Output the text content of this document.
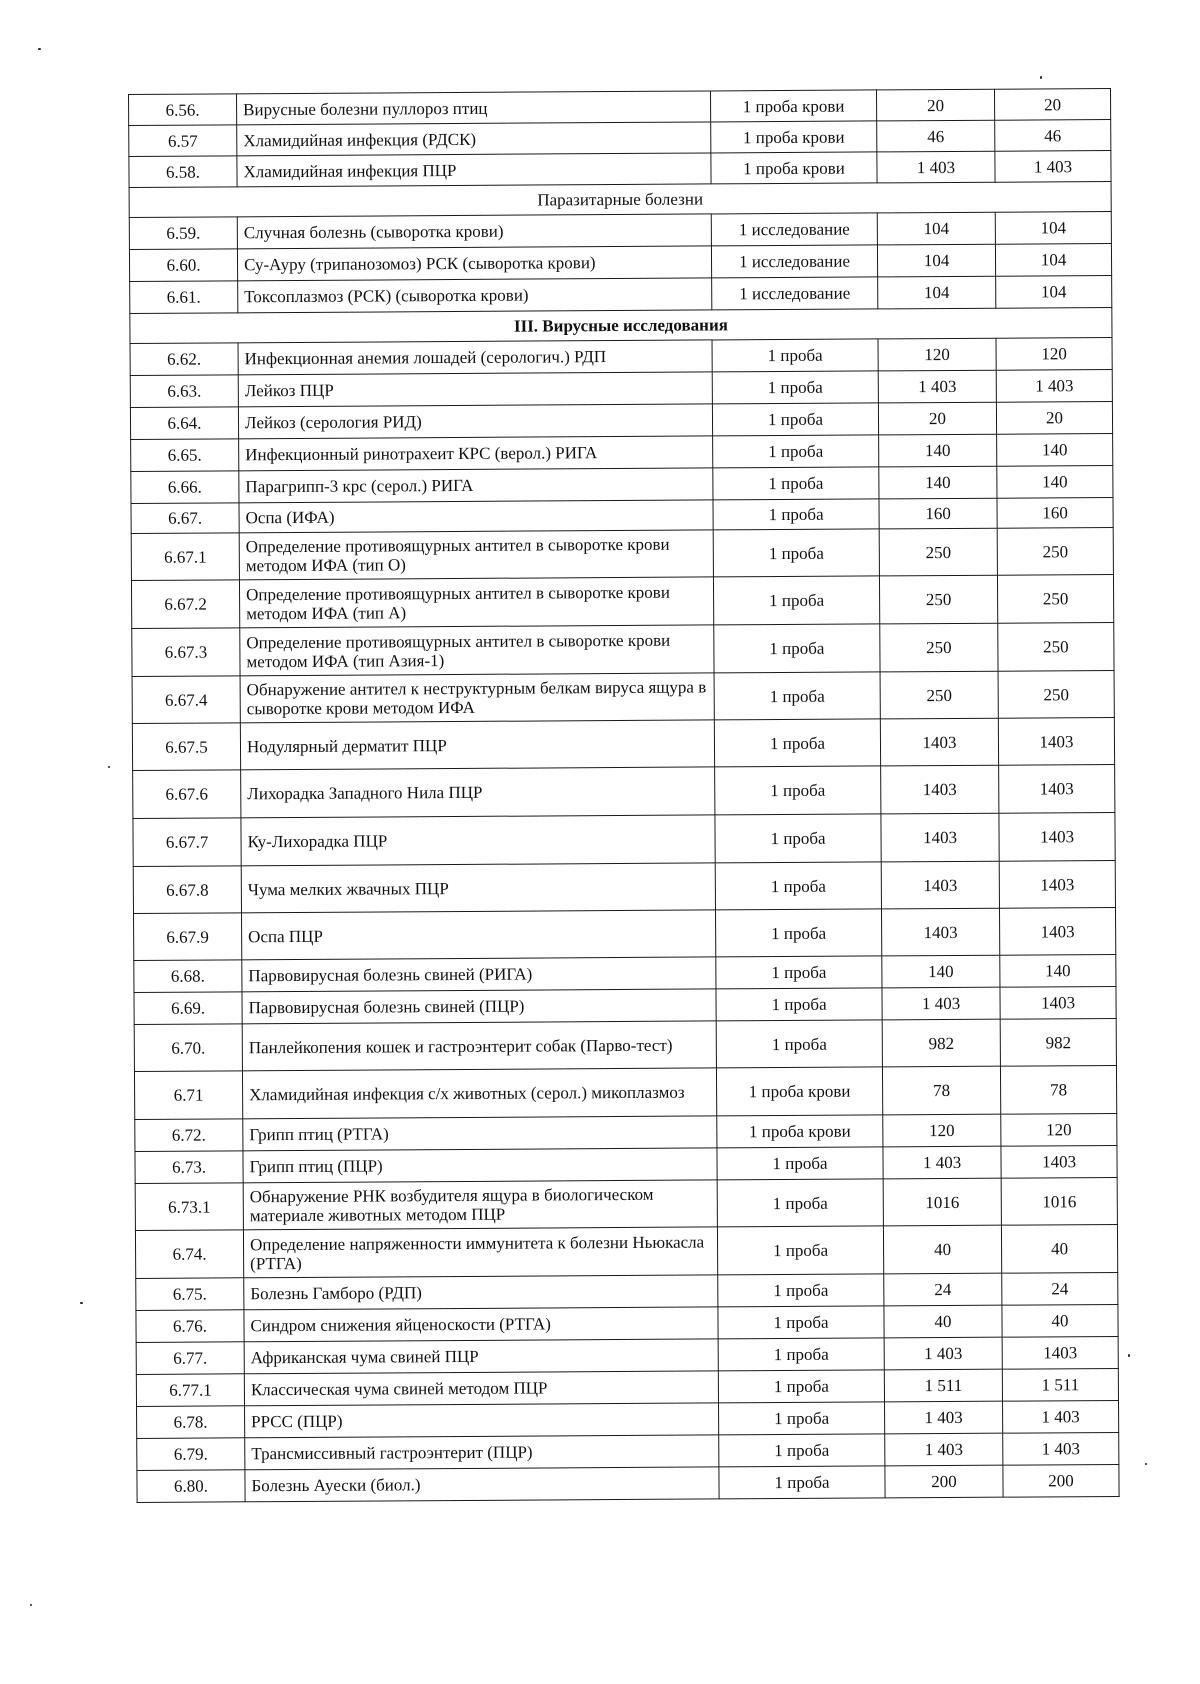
6.56.	Вирусные болезни пуллороз птиц	1 проба крови	20	20
6.57	Хламидийная инфекция (РДСК)	1 проба крови	46	46
6.58.	Хламидийная инфекция ПЦР	1 проба крови	1 403	1 403
Паразитарные болезни				
6.59.	Случная болезнь (сыворотка крови)	1 исследование	104	104
6.60.	Су-Ауру (трипанозомоз) РСК (сыворотка крови)	1 исследование	104	104
6.61.	Токсоплазмоз (РСК) (сыворотка крови)	1 исследование	104	104
III. Вирусные исследования				
6.62.	Инфекционная анемия лошадей (серологич.) РДП	1 проба	120	120
6.63.	Лейкоз ПЦР	1 проба	1 403	1 403
6.64.	Лейкоз (серология РИД)	1 проба	20	20
6.65.	Инфекционный ринотрахеит КРС (верол.) РИГА	1 проба	140	140
6.66.	Парагрипп-3 крс (серол.) РИГА	1 проба	140	140
6.67.	Оспа (ИФА)	1 проба	160	160
6.67.1	Определение противоящурных антител в сыворотке крови методом ИФА (тип О)	1 проба	250	250
6.67.2	Определение противоящурных антител в сыворотке крови методом ИФА (тип А)	1 проба	250	250
6.67.3	Определение противоящурных антител в сыворотке крови методом ИФА (тип Азия-1)	1 проба	250	250
6.67.4	Обнаружение антител к неструктурным белкам вируса ящура в сыворотке крови методом ИФА	1 проба	250	250
6.67.5	Нодулярный дерматит ПЦР	1 проба	1403	1403
6.67.6	Лихорадка Западного Нила ПЦР	1 проба	1403	1403
6.67.7	Ку-Лихорадка ПЦР	1 проба	1403	1403
6.67.8	Чума мелких жвачных ПЦР	1 проба	1403	1403
6.67.9	Оспа ПЦР	1 проба	1403	1403
6.68.	Парвовирусная болезнь свиней (РИГА)	1 проба	140	140
6.69.	Парвовирусная болезнь свиней (ПЦР)	1 проба	1 403	1403
6.70.	Панлейкопения кошек и гастроэнтерит собак (Парво-тест)	1 проба	982	982
6.71	Хламидийная инфекция с/х животных (серол.) микоплазмоз	1 проба крови	78	78
6.72.	Грипп птиц (РТГА)	1 проба крови	120	120
6.73.	Грипп птиц (ПЦР)	1 проба	1 403	1403
6.73.1	Обнаружение РНК возбудителя ящура в биологическом материале животных методом ПЦР	1 проба	1016	1016
6.74.	Определение напряженности иммунитета к болезни Ньюкасла (РТГА)	1 проба	40	40
6.75.	Болезнь Гамборо (РДП)	1 проба	24	24
6.76.	Синдром снижения яйценоскости (РТГА)	1 проба	40	40
6.77.	Африканская чума свиней ПЦР	1 проба	1 403	1403
6.77.1	Классическая чума свиней методом ПЦР	1 проба	1 511	1 511
6.78.	РРСС (ПЦР)	1 проба	1 403	1 403
6.79.	Трансмиссивный гастроэнтерит (ПЦР)	1 проба	1 403	1 403
6.80.	Болезнь Ауески (биол.)	1 проба	200	200
